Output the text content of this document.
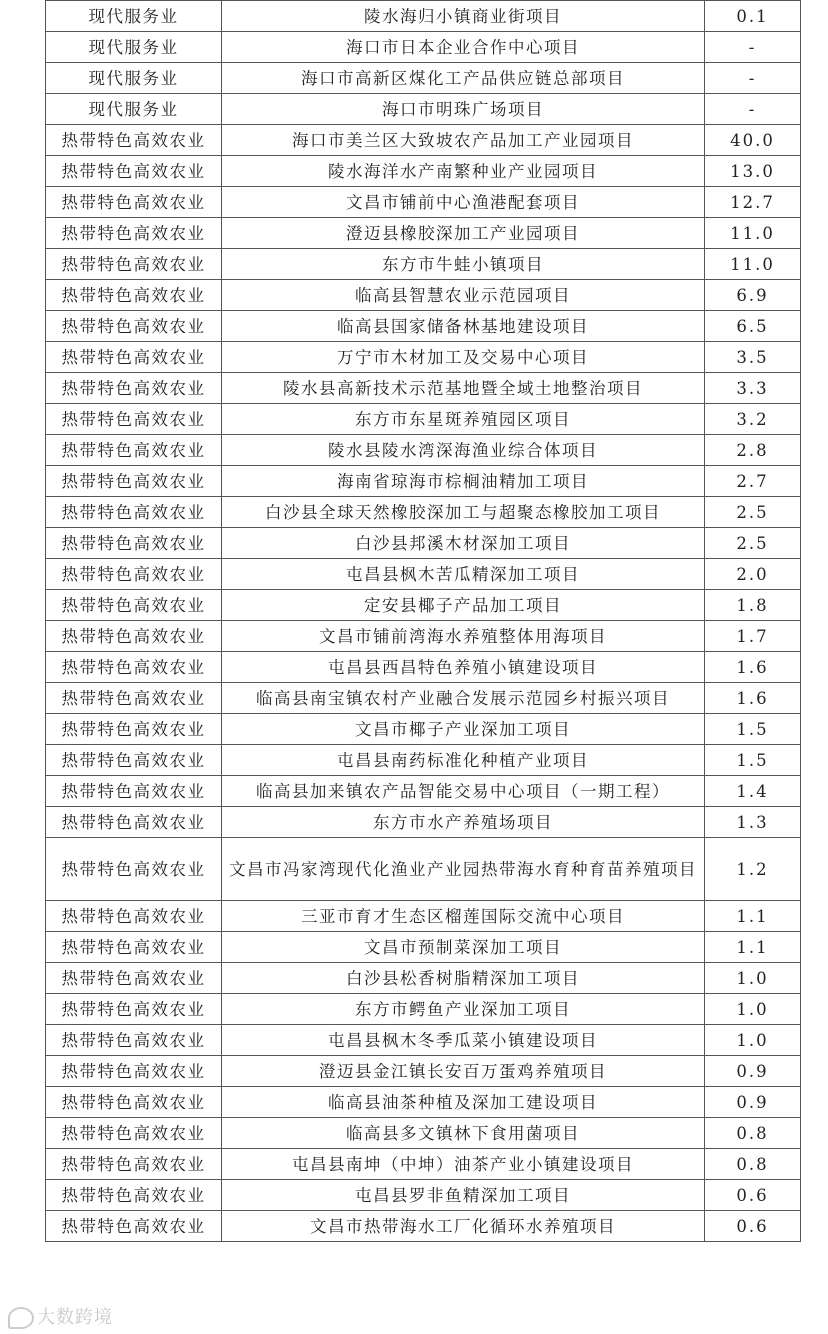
现代服务业	陵水海归小镇商业街项目	0.1
现代服务业	海口市日本企业合作中心项目	-
现代服务业	海口市高新区煤化工产品供应链总部项目	-
现代服务业	海口市明珠广场项目	-
热带特色高效农业	海口市美兰区大致坡农产品加工产业园项目	40.0
热带特色高效农业	陵水海洋水产南繁种业产业园项目	13.0
热带特色高效农业	文昌市铺前中心渔港配套项目	12.7
热带特色高效农业	澄迈县橡胶深加工产业园项目	11.0
热带特色高效农业	东方市牛蛙小镇项目	11.0
热带特色高效农业	临高县智慧农业示范园项目	6.9
热带特色高效农业	临高县国家储备林基地建设项目	6.5
热带特色高效农业	万宁市木材加工及交易中心项目	3.5
热带特色高效农业	陵水县高新技术示范基地暨全域土地整治项目	3.3
热带特色高效农业	东方市东星斑养殖园区项目	3.2
热带特色高效农业	陵水县陵水湾深海渔业综合体项目	2.8
热带特色高效农业	海南省琼海市棕榈油精加工项目	2.7
热带特色高效农业	白沙县全球天然橡胶深加工与超聚态橡胶加工项目	2.5
热带特色高效农业	白沙县邦溪木材深加工项目	2.5
热带特色高效农业	屯昌县枫木苦瓜精深加工项目	2.0
热带特色高效农业	定安县椰子产品加工项目	1.8
热带特色高效农业	文昌市铺前湾海水养殖整体用海项目	1.7
热带特色高效农业	屯昌县西昌特色养殖小镇建设项目	1.6
热带特色高效农业	临高县南宝镇农村产业融合发展示范园乡村振兴项目	1.6
热带特色高效农业	文昌市椰子产业深加工项目	1.5
热带特色高效农业	屯昌县南药标准化种植产业项目	1.5
热带特色高效农业	临高县加来镇农产品智能交易中心项目（一期工程）	1.4
热带特色高效农业	东方市水产养殖场项目	1.3
热带特色高效农业	文昌市冯家湾现代化渔业产业园热带海水育种育苗养殖项目	1.2
热带特色高效农业	三亚市育才生态区榴莲国际交流中心项目	1.1
热带特色高效农业	文昌市预制菜深加工项目	1.1
热带特色高效农业	白沙县松香树脂精深加工项目	1.0
热带特色高效农业	东方市鳄鱼产业深加工项目	1.0
热带特色高效农业	屯昌县枫木冬季瓜菜小镇建设项目	1.0
热带特色高效农业	澄迈县金江镇长安百万蛋鸡养殖项目	0.9
热带特色高效农业	临高县油茶种植及深加工建设项目	0.9
热带特色高效农业	临高县多文镇林下食用菌项目	0.8
热带特色高效农业	屯昌县南坤（中坤）油茶产业小镇建设项目	0.8
热带特色高效农业	屯昌县罗非鱼精深加工项目	0.6
热带特色高效农业	文昌市热带海水工厂化循环水养殖项目	0.6
大数跨境
